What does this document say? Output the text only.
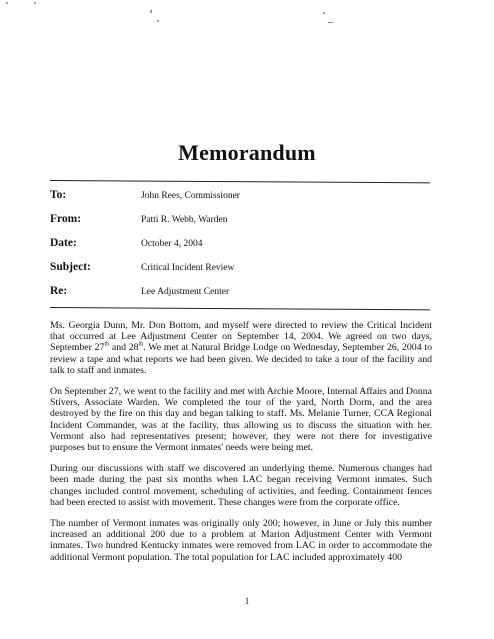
Memorandum
To:	John Rees, Commissioner
From:	Patti R. Webb, Warden
Date:	October 4, 2004
Subject:	Critical Incident Review
Re:	Lee Adjustment Center

Ms. Georgia Dunn, Mr. Don Bottom, and myself were directed to review the Critical Incident that occurred at Lee Adjustment Center on September 14, 2004. We agreed on two days, September 27th and 28th. We met at Natural Bridge Lodge on Wednesday, September 26, 2004 to review a tape and what reports we had been given. We decided to take a tour of the facility and talk to staff and inmates.

On September 27, we went to the facility and met with Archie Moore, Internal Affairs and Donna Stivers, Associate Warden. We completed the tour of the yard, North Dorm, and the area destroyed by the fire on this day and began talking to staff. Ms. Melanie Turner, CCA Regional Incident Commander, was at the facility, thus allowing us to discuss the situation with her. Vermont also had representatives present; however, they were not there for investigative purposes but to ensure the Vermont inmates' needs were being met.

During our discussions with staff we discovered an underlying theme. Numerous changes had been made during the past six months when LAC began receiving Vermont inmates. Such changes included control movement, scheduling of activities, and feeding. Containment fences had been erected to assist with movement. These changes were from the corporate office.

The number of Vermont inmates was originally only 200; however, in June or July this number increased an additional 200 due to a problem at Marion Adjustment Center with Vermont inmates. Two hundred Kentucky inmates were removed from LAC in order to accommodate the additional Vermont population. The total population for LAC included approximately 400

1
